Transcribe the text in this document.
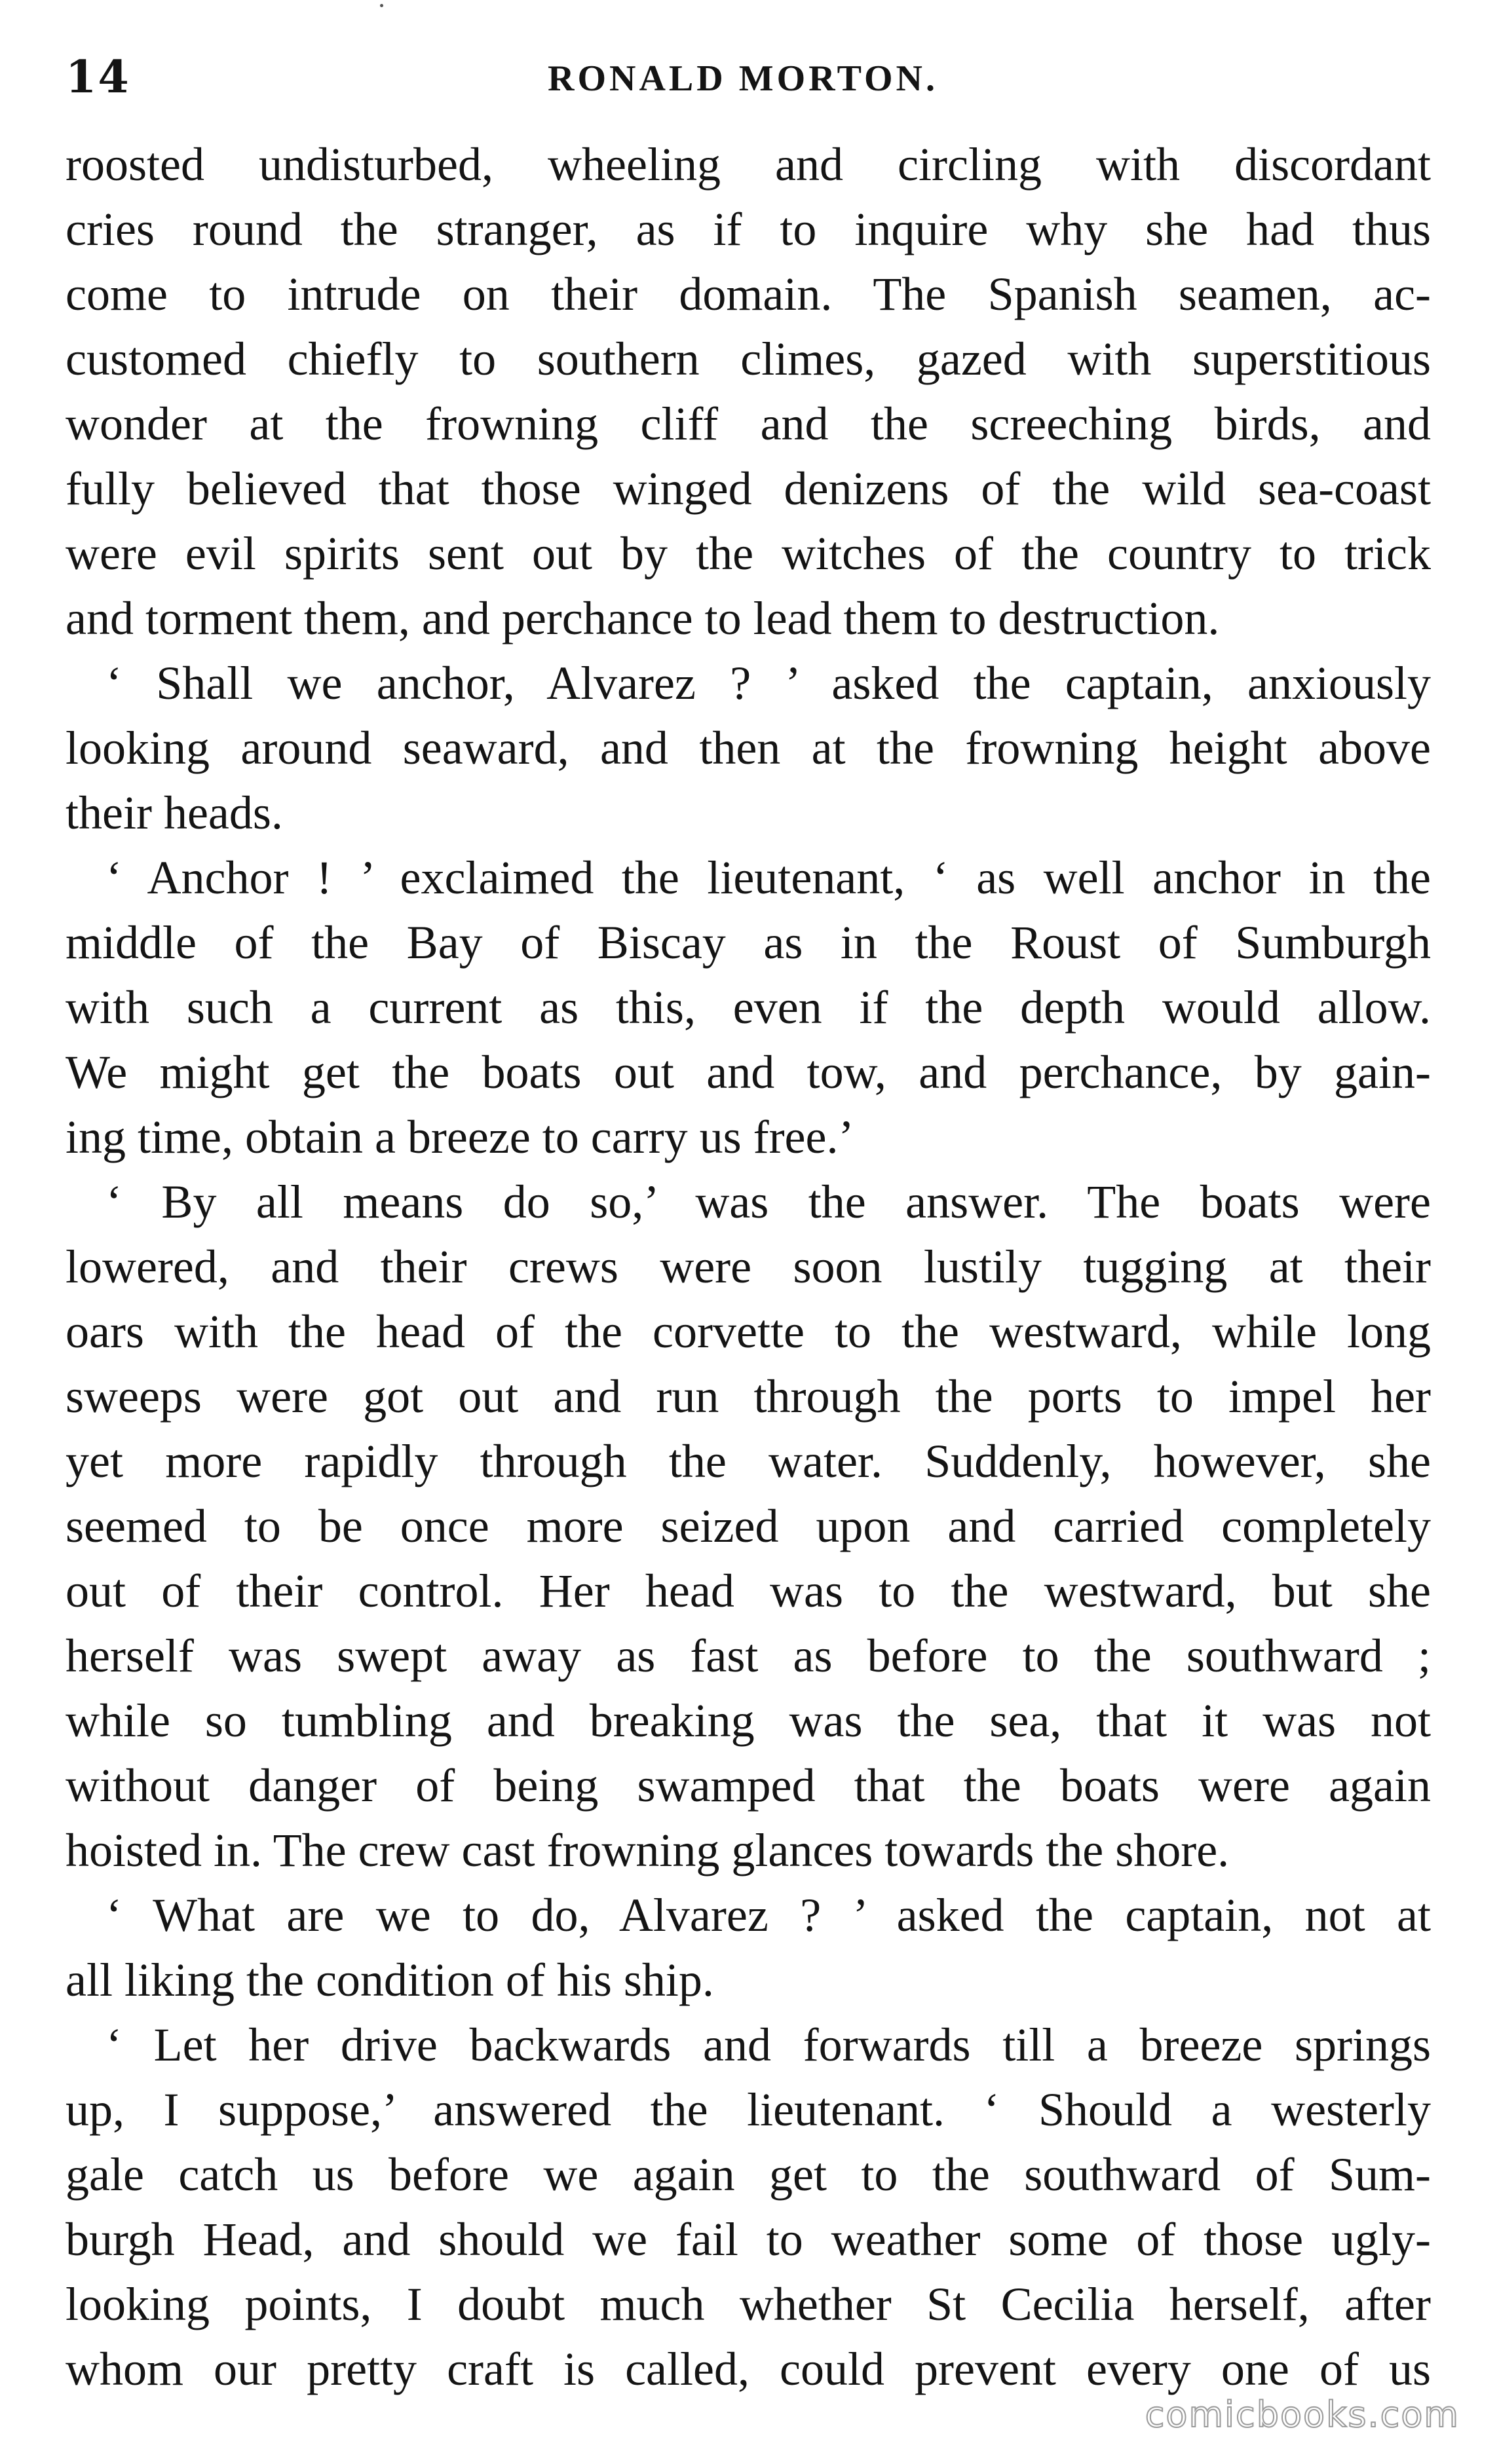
14	RONALD MORTON.
roosted undisturbed, wheeling and circling with discordant
cries round the stranger, as if to inquire why she had thus
come to intrude on their domain. The Spanish seamen, ac-
customed chiefly to southern climes, gazed with superstitious
wonder at the frowning cliff and the screeching birds, and
fully believed that those winged denizens of the wild sea-coast
were evil spirits sent out by the witches of the country to trick
and torment them, and perchance to lead them to destruction.
‘ Shall we anchor, Alvarez ? ’ asked the captain, anxiously
looking around seaward, and then at the frowning height above
their heads.
‘ Anchor ! ’ exclaimed the lieutenant, ‘ as well anchor in the
middle of the Bay of Biscay as in the Roust of Sumburgh
with such a current as this, even if the depth would allow.
We might get the boats out and tow, and perchance, by gain-
ing time, obtain a breeze to carry us free.’
‘ By all means do so,’ was the answer. The boats were
lowered, and their crews were soon lustily tugging at their
oars with the head of the corvette to the westward, while long
sweeps were got out and run through the ports to impel her
yet more rapidly through the water. Suddenly, however, she
seemed to be once more seized upon and carried completely
out of their control. Her head was to the westward, but she
herself was swept away as fast as before to the southward ;
while so tumbling and breaking was the sea, that it was not
without danger of being swamped that the boats were again
hoisted in. The crew cast frowning glances towards the shore.
‘ What are we to do, Alvarez ? ’ asked the captain, not at
all liking the condition of his ship.
‘ Let her drive backwards and forwards till a breeze springs
up, I suppose,’ answered the lieutenant. ‘ Should a westerly
gale catch us before we again get to the southward of Sum-
burgh Head, and should we fail to weather some of those ugly-
looking points, I doubt much whether St Cecilia herself, after
whom our pretty craft is called, could prevent every one of us
comicbooks.com
